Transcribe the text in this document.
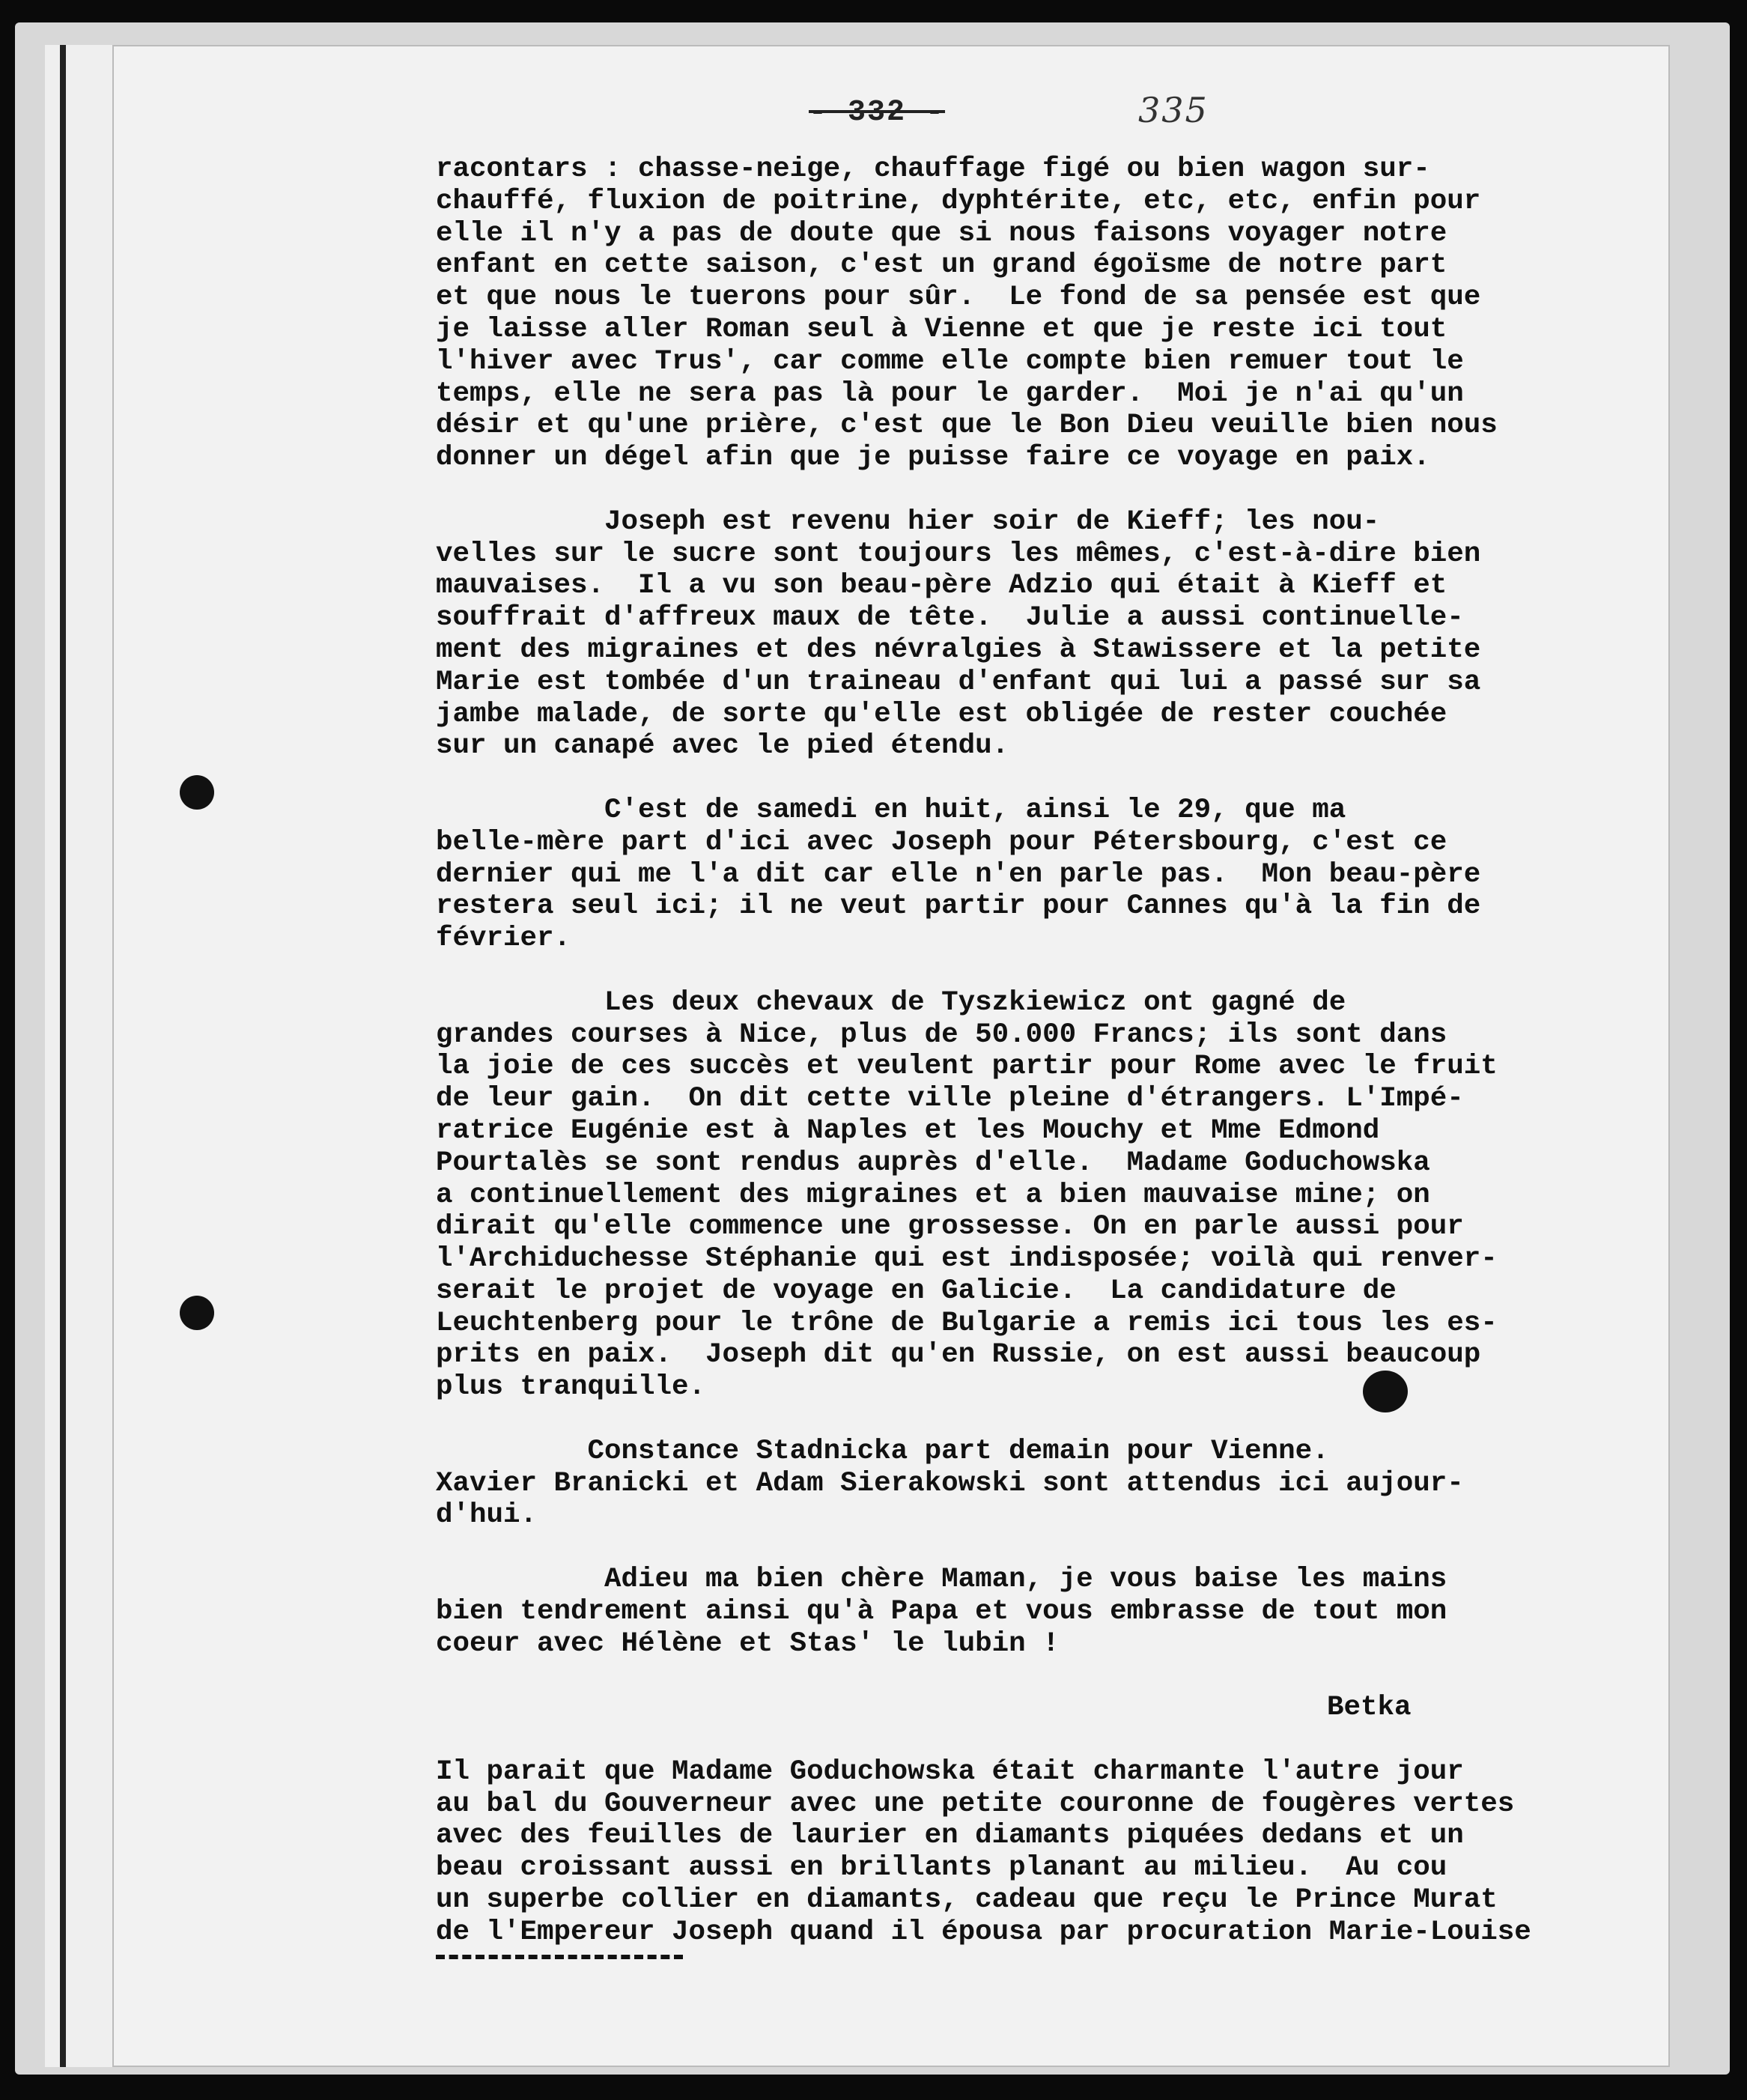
- 332 -	335
racontars : chasse-neige, chauffage figé ou bien wagon sur-
chauffé, fluxion de poitrine, dyphtérite, etc, etc, enfin pour
elle il n'y a pas de doute que si nous faisons voyager notre
enfant en cette saison, c'est un grand égoïsme de notre part
et que nous le tuerons pour sûr.  Le fond de sa pensée est que
je laisse aller Roman seul à Vienne et que je reste ici tout
l'hiver avec Trus', car comme elle compte bien remuer tout le
temps, elle ne sera pas là pour le garder.  Moi je n'ai qu'un
désir et qu'une prière, c'est que le Bon Dieu veuille bien nous
donner un dégel afin que je puisse faire ce voyage en paix.
Joseph est revenu hier soir de Kieff; les nou-
velles sur le sucre sont toujours les mêmes, c'est-à-dire bien
mauvaises.  Il a vu son beau-père Adzio qui était à Kieff et
souffrait d'affreux maux de tête.  Julie a aussi continuelle-
ment des migraines et des névralgies à Stawissere et la petite
Marie est tombée d'un traineau d'enfant qui lui a passé sur sa
jambe malade, de sorte qu'elle est obligée de rester couchée
sur un canapé avec le pied étendu.
C'est de samedi en huit, ainsi le 29, que ma
belle-mère part d'ici avec Joseph pour Pétersbourg, c'est ce
dernier qui me l'a dit car elle n'en parle pas.  Mon beau-père
restera seul ici; il ne veut partir pour Cannes qu'à la fin de
février.
Les deux chevaux de Tyszkiewicz ont gagné de
grandes courses à Nice, plus de 50.000 Francs; ils sont dans
la joie de ces succès et veulent partir pour Rome avec le fruit
de leur gain.  On dit cette ville pleine d'étrangers. L'Impé-
ratrice Eugénie est à Naples et les Mouchy et Mme Edmond
Pourtalès se sont rendus auprès d'elle.  Madame Goduchowska
a continuellement des migraines et a bien mauvaise mine; on
dirait qu'elle commence une grossesse. On en parle aussi pour
l'Archiduchesse Stéphanie qui est indisposée; voilà qui renver-
serait le projet de voyage en Galicie.  La candidature de
Leuchtenberg pour le trône de Bulgarie a remis ici tous les es-
prits en paix.  Joseph dit qu'en Russie, on est aussi beaucoup
plus tranquille.
Constance Stadnicka part demain pour Vienne.
Xavier Branicki et Adam Sierakowski sont attendus ici aujour-
d'hui.
Adieu ma bien chère Maman, je vous baise les mains
bien tendrement ainsi qu'à Papa et vous embrasse de tout mon
coeur avec Hélène et Stas' le lubin !
Betka
Il parait que Madame Goduchowska était charmante l'autre jour
au bal du Gouverneur avec une petite couronne de fougères vertes
avec des feuilles de laurier en diamants piquées dedans et un
beau croissant aussi en brillants planant au milieu.  Au cou
un superbe collier en diamants, cadeau que reçu le Prince Murat
de l'Empereur Joseph quand il épousa par procuration Marie-Louise
